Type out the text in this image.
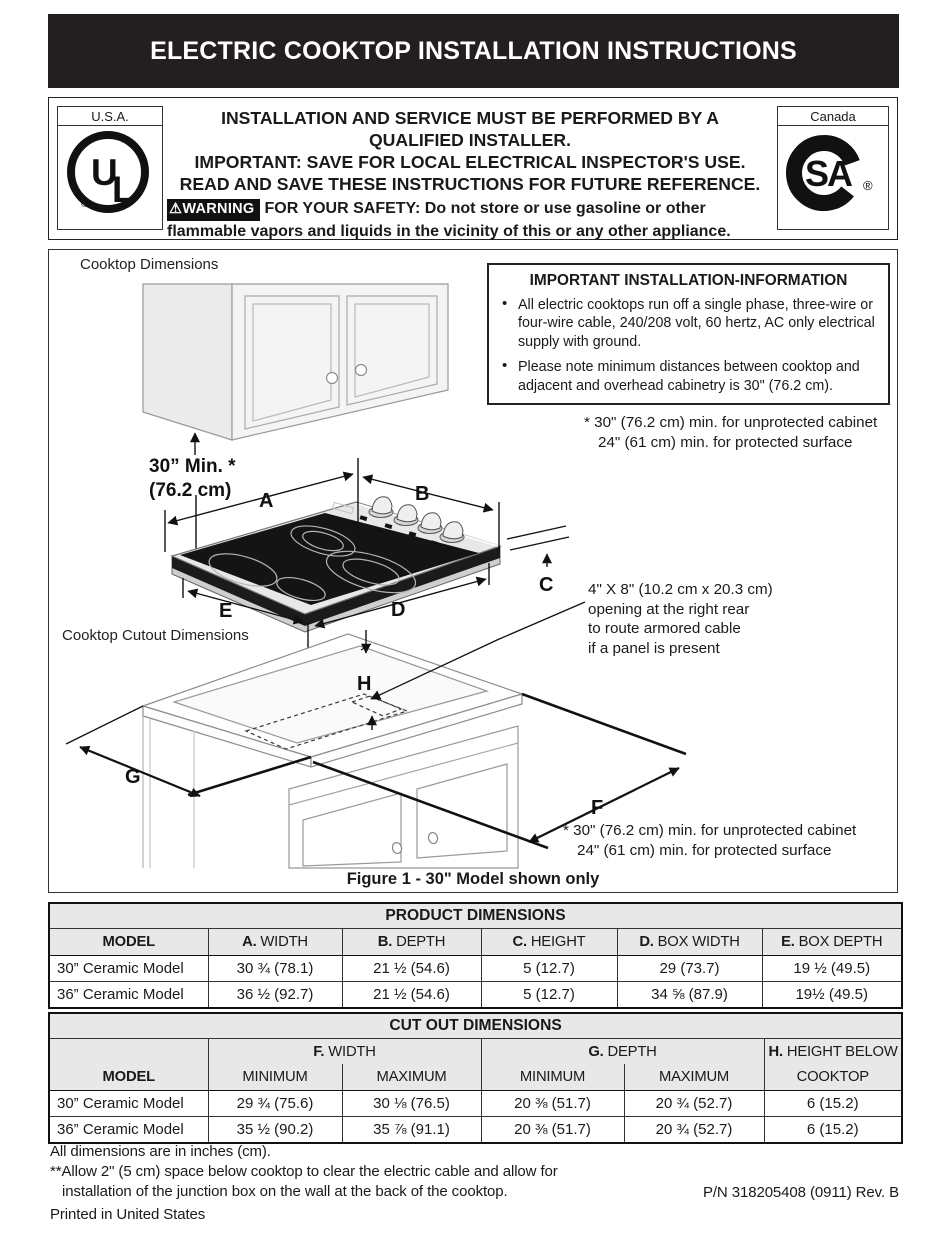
ELECTRIC COOKTOP INSTALLATION INSTRUCTIONS
U.S.A.
U
L
®
Canada
SA ®
INSTALLATION AND SERVICE MUST BE PERFORMED BY A
QUALIFIED INSTALLER.
IMPORTANT: SAVE FOR LOCAL ELECTRICAL INSPECTOR'S USE.
READ AND SAVE THESE INSTRUCTIONS FOR FUTURE REFERENCE.
⚠WARNING FOR YOUR SAFETY: Do not store or use gasoline or other
flammable vapors and liquids in the vicinity of this or any other appliance.
30” Min. *
(76.2 cm) A	B
C
D
E
G
F
H
Cooktop Dimensions
Cooktop Cutout Dimensions
IMPORTANT INSTALLATION-INFORMATION
• All electric cooktops run off a single phase, three-wire or four-wire cable, 240/208 volt, 60 hertz, AC only electrical supply with ground.
• Please note minimum distances between cooktop and adjacent and overhead cabinetry is 30" (76.2 cm).
* 30" (76.2 cm) min. for unprotected cabinet
24" (61 cm) min. for protected surface
4" X 8" (10.2 cm x 20.3 cm)
opening at the right rear
to route armored cable
if a panel is present
* 30" (76.2 cm) min. for unprotected cabinet
24" (61 cm) min. for protected surface
Figure 1 - 30" Model shown only
PRODUCT DIMENSIONS					
MODEL	A. WIDTH	B. DEPTH	C. HEIGHT	D. BOX WIDTH	E. BOX DEPTH
30” Ceramic Model	30 ¾ (78.1)	21 ½ (54.6)	5 (12.7)	29 (73.7)	19 ½ (49.5)
36” Ceramic Model	36 ½ (92.7)	21 ½ (54.6)	5 (12.7)	34 ⅝ (87.9)	19½ (49.5)
CUT OUT DIMENSIONS					
	F. WIDTH		G. DEPTH		H. HEIGHT BELOW
MODEL	MINIMUM	MAXIMUM	MINIMUM	MAXIMUM	COOKTOP
30” Ceramic Model	29 ¾ (75.6)	30 ⅛ (76.5)	20 ⅜ (51.7)	20 ¾ (52.7)	6 (15.2)
36” Ceramic Model	35 ½ (90.2)	35 ⅞ (91.1)	20 ⅜ (51.7)	20 ¾ (52.7)	6 (15.2)
All dimensions are in inches (cm).
**Allow 2" (5 cm) space below cooktop to clear the electric cable and allow for
installation of the junction box on the wall at the back of the cooktop.	P/N 318205408 (0911) Rev. B
Printed in United States
